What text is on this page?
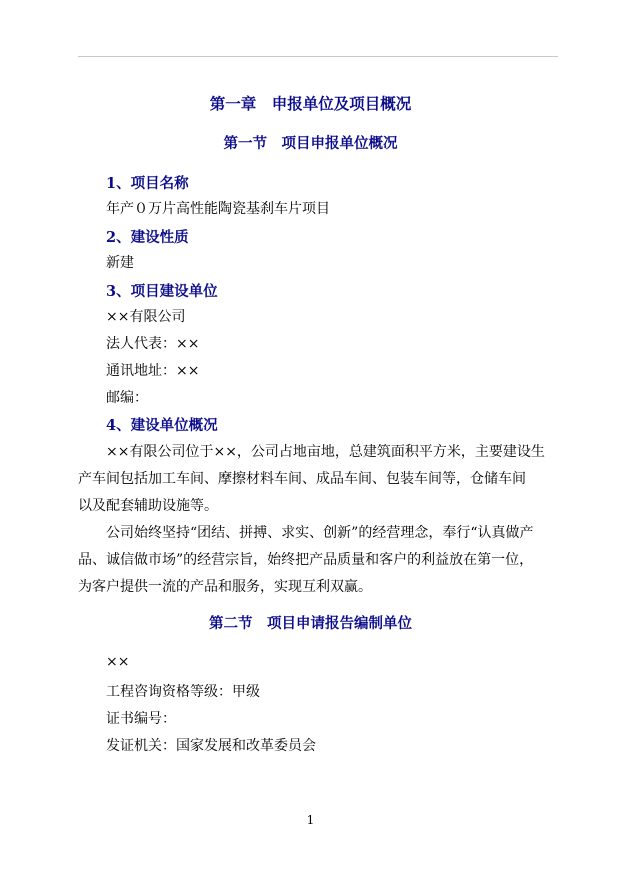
第一章　申报单位及项目概况
第一节　项目申报单位概况
1、项目名称
年产０万片高性能陶瓷基刹车片项目
2、建设性质
新建
3、项目建设单位
××有限公司
法人代表：××
通讯地址：××
邮编：
4、建设单位概况
××有限公司位于××，公司占地亩地，总建筑面积平方米，主要建设生
产车间包括加工车间、摩擦材料车间、成品车间、包装车间等，仓储车间
以及配套辅助设施等。
公司始终坚持“团结、拼搏、求实、创新”的经营理念，奉行“认真做产
品、诚信做市场”的经营宗旨，始终把产品质量和客户的利益放在第一位，
为客户提供一流的产品和服务，实现互利双赢。
第二节　项目申请报告编制单位
××
工程咨询资格等级：甲级
证书编号：
发证机关：国家发展和改革委员会
1
